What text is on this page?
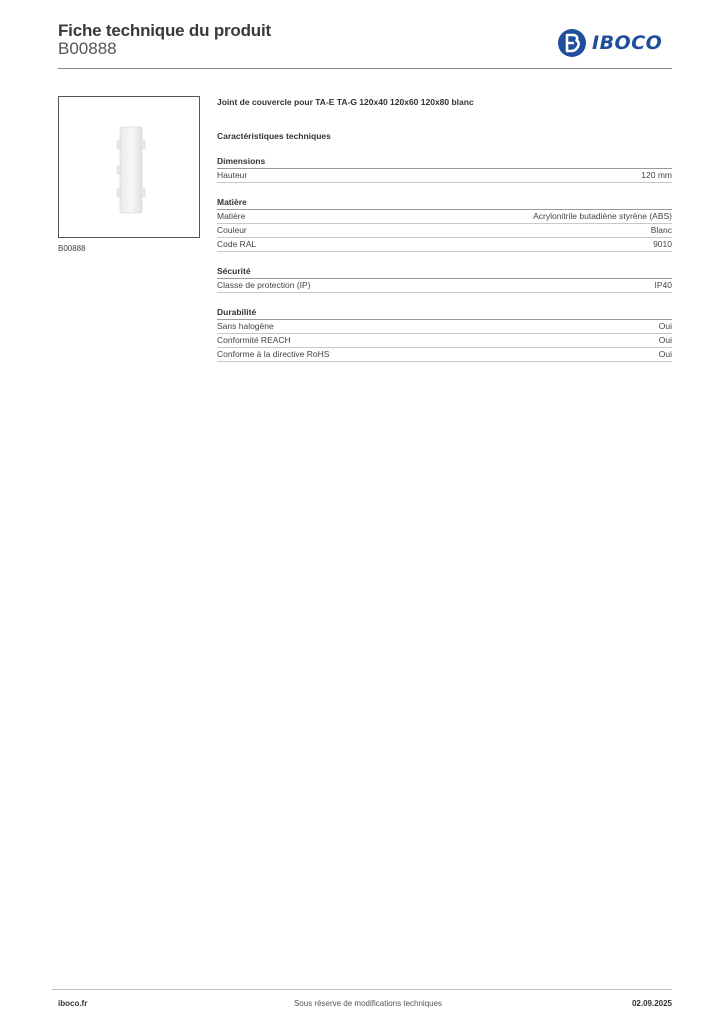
Fiche technique du produit
B00888	IBOCO
B00888
Joint de couvercle pour TA-E TA-G 120x40 120x60 120x80 blanc
Caractéristiques techniques
Dimensions
Hauteur	120 mm
Matière
Matière	Acrylonitrile butadiène styrène (ABS)
Couleur	Blanc
Code RAL	9010
Sécurité
Classe de protection (IP)	IP40
Durabilité
Sans halogène	Oui
Conformité REACH	Oui
Conforme à la directive RoHS	Oui
iboco.fr	Sous réserve de modifications techniques	02.09.2025
